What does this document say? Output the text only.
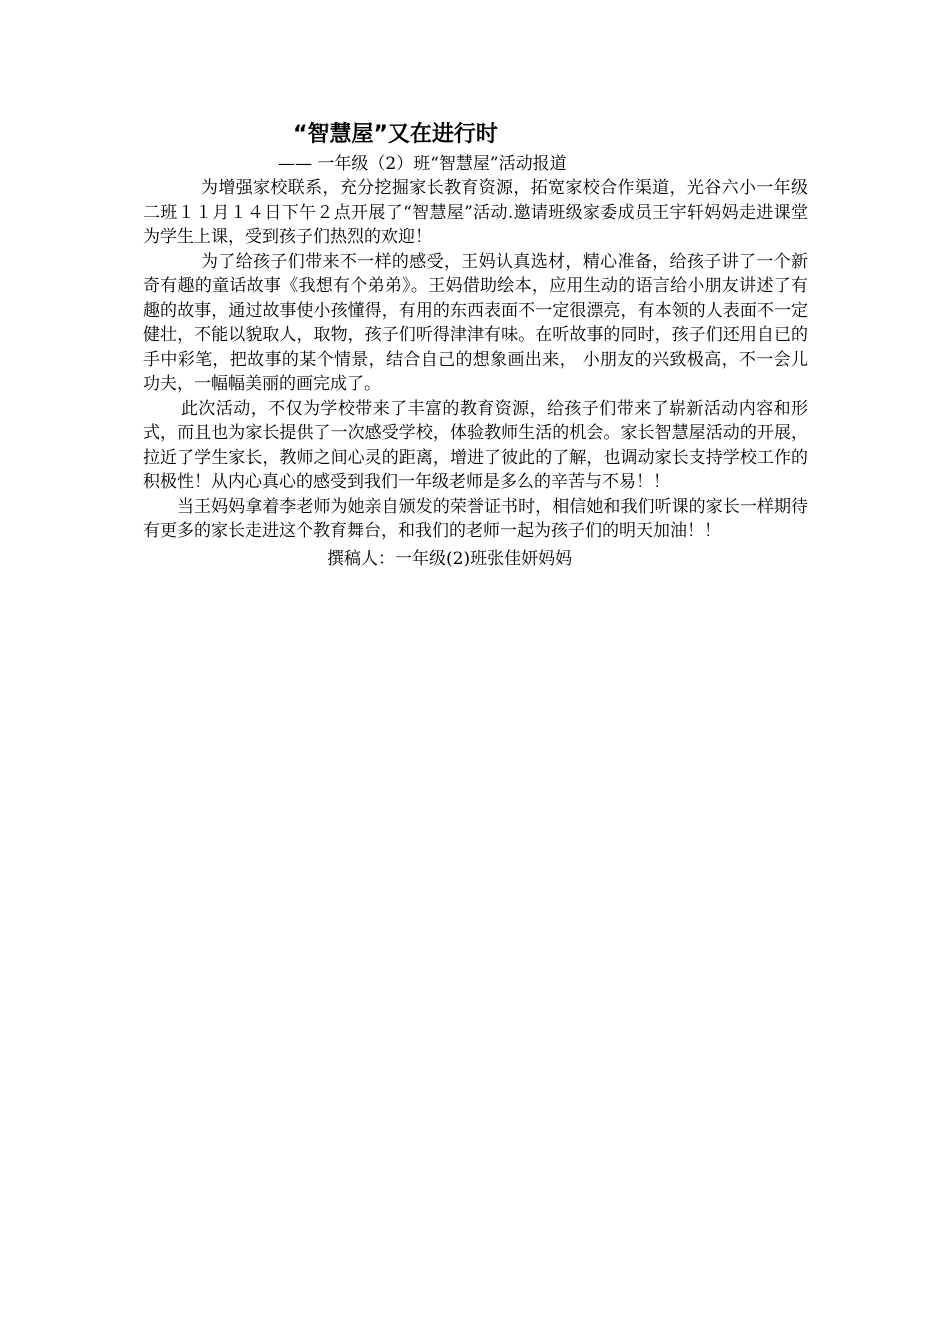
“智慧屋”又在进行时

—— 一年级（2）班“智慧屋”活动报道

为增强家校联系，充分挖掘家长教育资源，拓宽家校合作渠道，光谷六小一年级二班１１月１４日下午２点开展了“智慧屋”活动.邀请班级家委成员王宇轩妈妈走进课堂为学生上课，受到孩子们热烈的欢迎！

为了给孩子们带来不一样的感受，王妈认真选材，精心准备，给孩子讲了一个新奇有趣的童话故事《我想有个弟弟》。王妈借助绘本，应用生动的语言给小朋友讲述了有趣的故事，通过故事使小孩懂得，有用的东西表面不一定很漂亮，有本领的人表面不一定健壮，不能以貌取人，取物，孩子们听得津津有味。在听故事的同时，孩子们还用自已的手中彩笔，把故事的某个情景，结合自己的想象画出来， 小朋友的兴致极高，不一会儿功夫，一幅幅美丽的画完成了。

此次活动，不仅为学校带来了丰富的教育资源，给孩子们带来了崭新活动内容和形式，而且也为家长提供了一次感受学校，体验教师生活的机会。家长智慧屋活动的开展，拉近了学生家长，教师之间心灵的距离，增进了彼此的了解，也调动家长支持学校工作的积极性！从内心真心的感受到我们一年级老师是多么的辛苦与不易！！

当王妈妈拿着李老师为她亲自颁发的荣誉证书时，相信她和我们听课的家长一样期待有更多的家长走进这个教育舞台，和我们的老师一起为孩子们的明天加油！！

撰稿人：一年级(2)班张佳妍妈妈
